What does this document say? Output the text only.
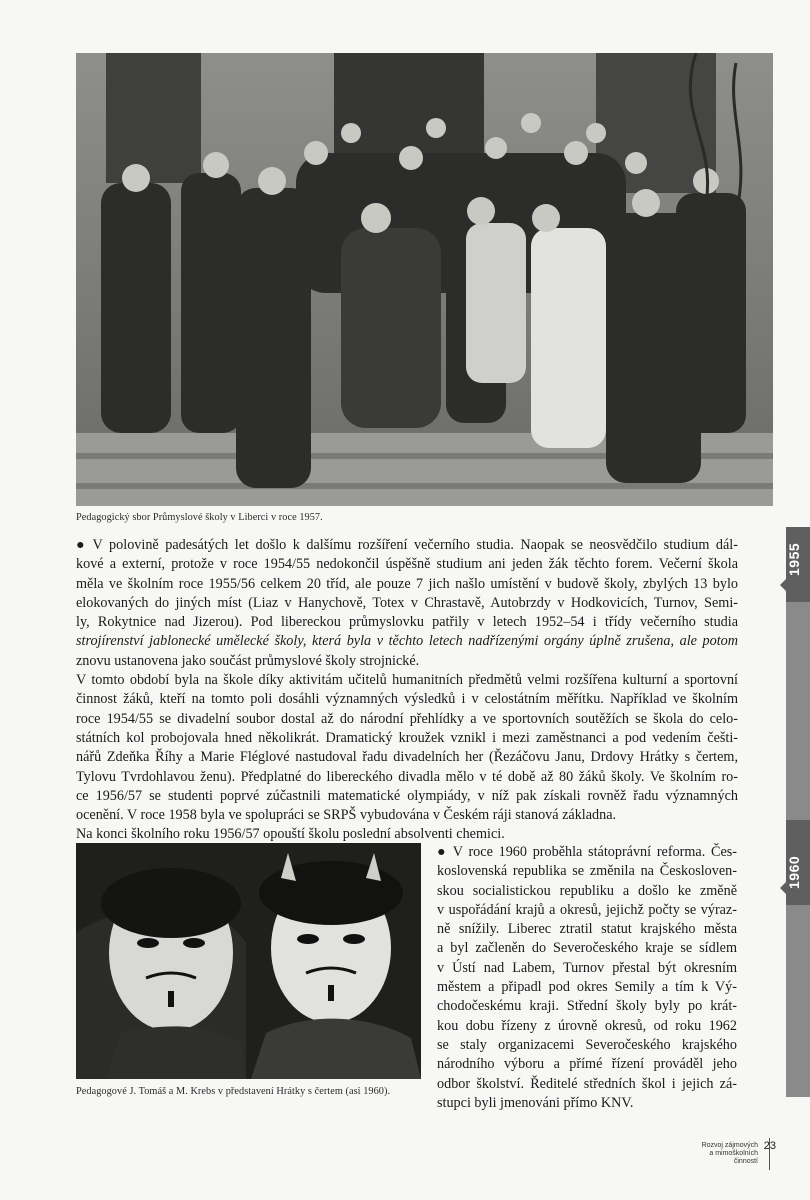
Pedagogický sbor Průmyslové školy v Liberci v roce 1957.
● V polovině padesátých let došlo k dalšímu rozšíření večerního studia. Naopak se neosvědčilo studium dál-
kové a externí, protože v roce 1954/55 nedokončil úspěšně studium ani jeden žák těchto forem. Večerní škola
měla ve školním roce 1955/56 celkem 20 tříd, ale pouze 7 jich našlo umístění v budově školy, zbylých 13 bylo
elokovaných do jiných míst (Liaz v Hanychově, Totex v Chrastavě, Autobrzdy v Hodkovicích, Turnov, Semi-
ly, Rokytnice nad Jizerou). Pod libereckou průmyslovku patřily v letech 1952–54 i třídy večerního studia
strojírenství jablonecké umělecké školy, která byla v těchto letech nadřízenými orgány úplně zrušena, ale potom
znovu ustanovena jako součást průmyslové školy strojnické.
V tomto období byla na škole díky aktivitám učitelů humanitních předmětů velmi rozšířena kulturní a sportovní
činnost žáků, kteří na tomto poli dosáhli významných výsledků i v celostátním měřítku. Například ve školním
roce 1954/55 se divadelní soubor dostal až do národní přehlídky a ve sportovních soutěžích se škola do celo-
státních kol probojovala hned několikrát. Dramatický kroužek vznikl i mezi zaměstnanci a pod vedením češti-
nářů Zdeňka Říhy a Marie Fléglové nastudoval řadu divadelních her (Řezáčovu Janu, Drdovy Hrátky s čertem,
Tylovu Tvrdohlavou ženu). Předplatné do libereckého divadla mělo v té době až 80 žáků školy. Ve školním ro-
ce 1956/57 se studenti poprvé zúčastnili matematické olympiády, v níž pak získali rovněž řadu významných
ocenění. V roce 1958 byla ve spolupráci se SRPŠ vybudována v Českém ráji stanová základna.
Na konci školního roku 1956/57 opouští školu poslední absolventi chemici.
Pedagogové J. Tomáš a M. Krebs v představení Hrátky s čertem (asi 1960).
● V roce 1960 proběhla státoprávní reforma. Čes-
koslovenská republika se změnila na Českosloven-
skou socialistickou republiku a došlo ke změně
v uspořádání krajů a okresů, jejichž počty se výraz-
ně snížily. Liberec ztratil statut krajského města
a byl začleněn do Severočeského kraje se sídlem
v Ústí nad Labem, Turnov přestal být okresním
městem a připadl pod okres Semily a tím k Vý-
chodočeskému kraji. Střední školy byly po krát-
kou dobu řízeny z úrovně okresů, od roku 1962
se staly organizacemi Severočeského krajského
národního výboru a přímé řízení prováděl jeho
odbor školství. Ředitelé středních škol i jejich zá-
stupci byli jmenováni přímo KNV.
1955
1960
Rozvoj zájmových
a mimoškolních
činností
23
